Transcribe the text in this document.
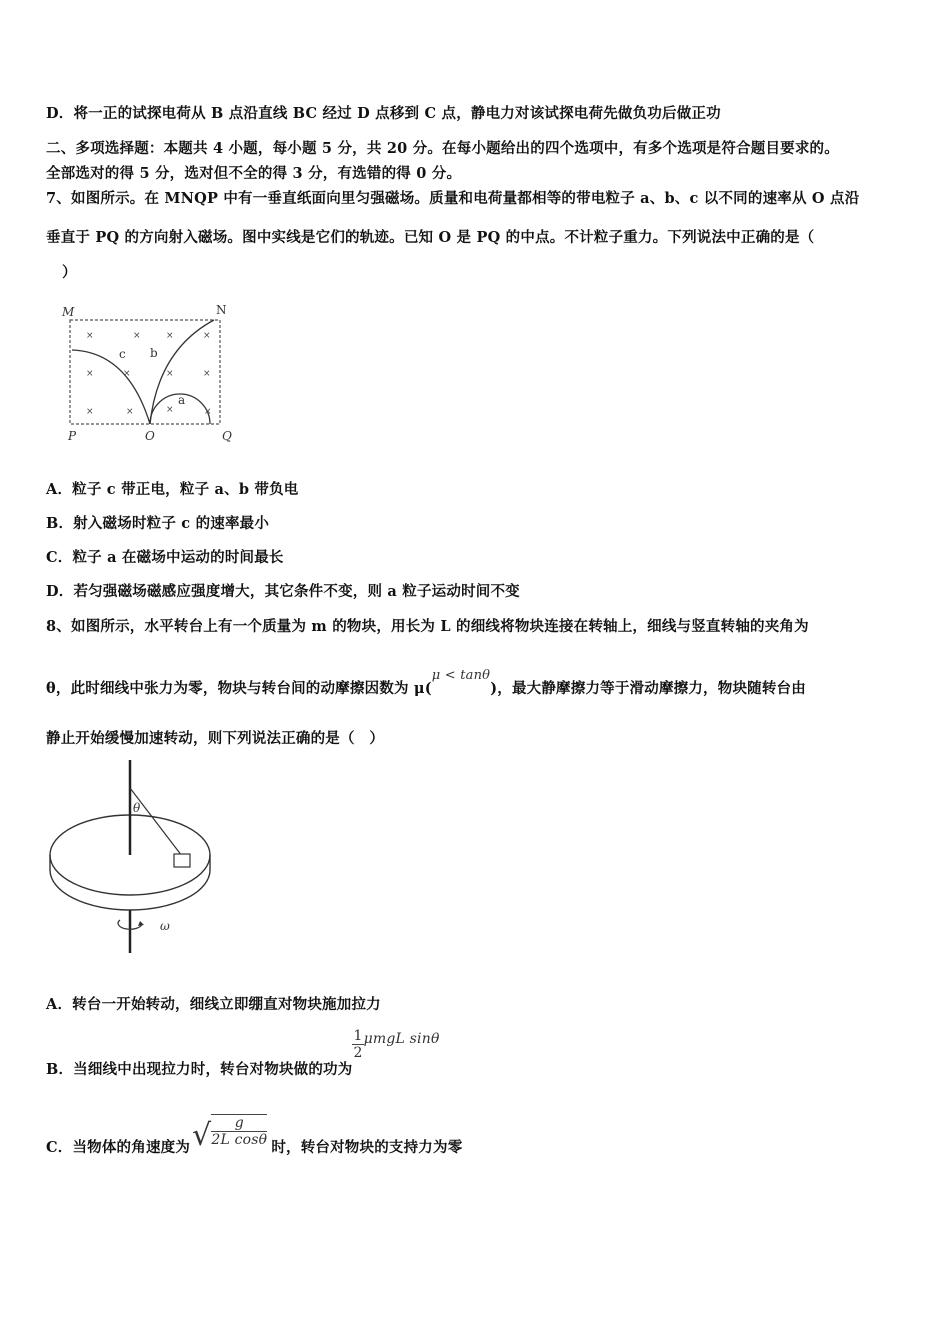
D．将一正的试探电荷从 B 点沿直线 BC 经过 D 点移到 C 点，静电力对该试探电荷先做负功后做正功
二、多项选择题：本题共 4 小题，每小题 5 分，共 20 分。在每小题给出的四个选项中，有多个选项是符合题目要求的。
全部选对的得 5 分，选对但不全的得 3 分，有选错的得 0 分。
7、如图所示。在 MNQP 中有一垂直纸面向里匀强磁场。质量和电荷量都相等的带电粒子 a、b、c 以不同的速率从 O 点沿
垂直于 PQ 的方向射入磁场。图中实线是它们的轨迹。已知 O 是 PQ 的中点。不计粒子重力。下列说法中正确的是（
）
M	N
P	O	Q
c b
a
×	×	×	×
×	×	×	×
×	×	×	×
A．粒子 c 带正电，粒子 a、b 带负电
B．射入磁场时粒子 c 的速率最小
C．粒子 a 在磁场中运动的时间最长
D．若匀强磁场磁感应强度增大，其它条件不变，则 a 粒子运动时间不变
8、如图所示，水平转台上有一个质量为 m 的物块，用长为 L 的细线将物块连接在转轴上，细线与竖直转轴的夹角为
θ，此时细线中张力为零，物块与转台间的动摩擦因数为 μ(μ < tanθ)，最大静摩擦力等于滑动摩擦力，物块随转台由
静止开始缓慢加速转动，则下列说法正确的是（　）
θ
ω
A．转台一开始转动，细线立即绷直对物块施加拉力
B．当细线中出现拉力时，转台对物块做的功为
$\frac{1}{2}$ μmgL sinθ
C．当物体的角速度为√ $\frac{g}{\text{2L cosθ}}$ 时，转台对物块的支持力为零
